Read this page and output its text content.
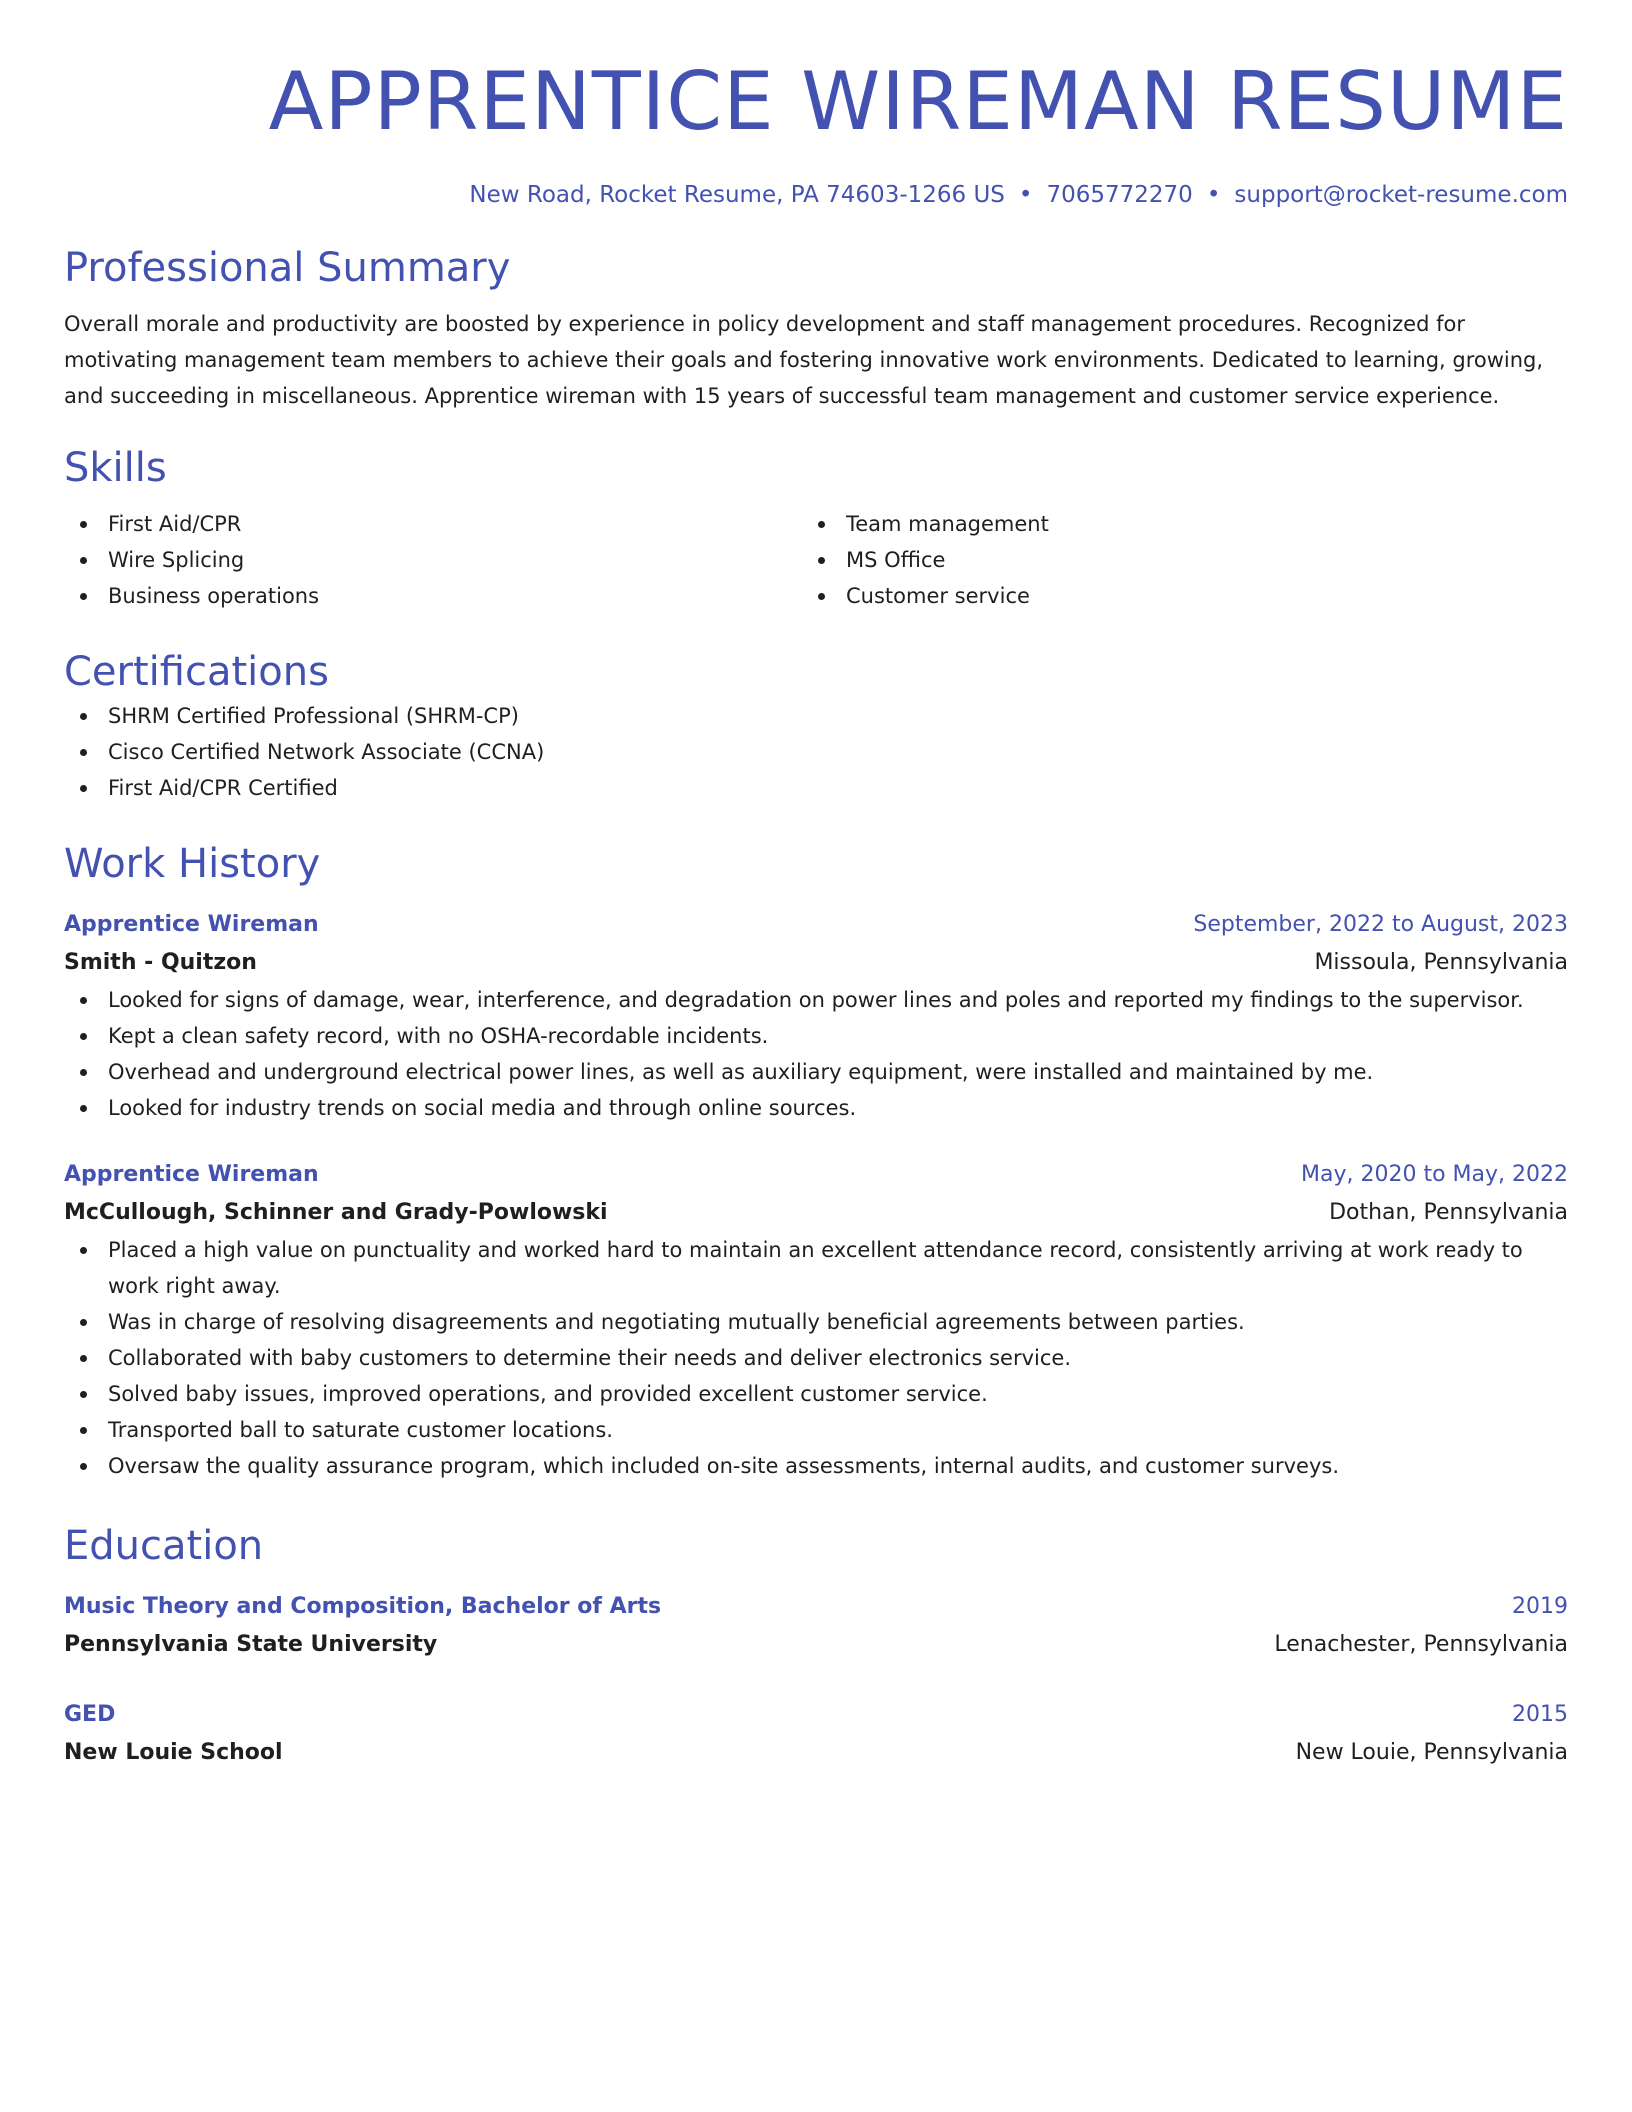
APPRENTICE WIREMAN RESUME
New Road, Rocket Resume, PA 74603-1266 US • 7065772270 • support@rocket-resume.com
Professional Summary
Overall morale and productivity are boosted by experience in policy development and staff management procedures. Recognized for motivating management team members to achieve their goals and fostering innovative work environments. Dedicated to learning, growing, and succeeding in miscellaneous. Apprentice wireman with 15 years of successful team management and customer service experience.
Skills
First Aid/CPR
Wire Splicing
Business operations
Team management
MS Office
Customer service
Certifications
SHRM Certified Professional (SHRM-CP)
Cisco Certified Network Associate (CCNA)
First Aid/CPR Certified
Work History
Apprentice Wireman	September, 2022 to August, 2023
Smith - Quitzon	Missoula, Pennsylvania
Looked for signs of damage, wear, interference, and degradation on power lines and poles and reported my findings to the supervisor.
Kept a clean safety record, with no OSHA-recordable incidents.
Overhead and underground electrical power lines, as well as auxiliary equipment, were installed and maintained by me.
Looked for industry trends on social media and through online sources.
Apprentice Wireman	May, 2020 to May, 2022
McCullough, Schinner and Grady-Powlowski	Dothan, Pennsylvania
Placed a high value on punctuality and worked hard to maintain an excellent attendance record, consistently arriving at work ready to work right away.
Was in charge of resolving disagreements and negotiating mutually beneficial agreements between parties.
Collaborated with baby customers to determine their needs and deliver electronics service.
Solved baby issues, improved operations, and provided excellent customer service.
Transported ball to saturate customer locations.
Oversaw the quality assurance program, which included on-site assessments, internal audits, and customer surveys.
Education
Music Theory and Composition, Bachelor of Arts	2019
Pennsylvania State University	Lenachester, Pennsylvania
GED	2015
New Louie School	New Louie, Pennsylvania
